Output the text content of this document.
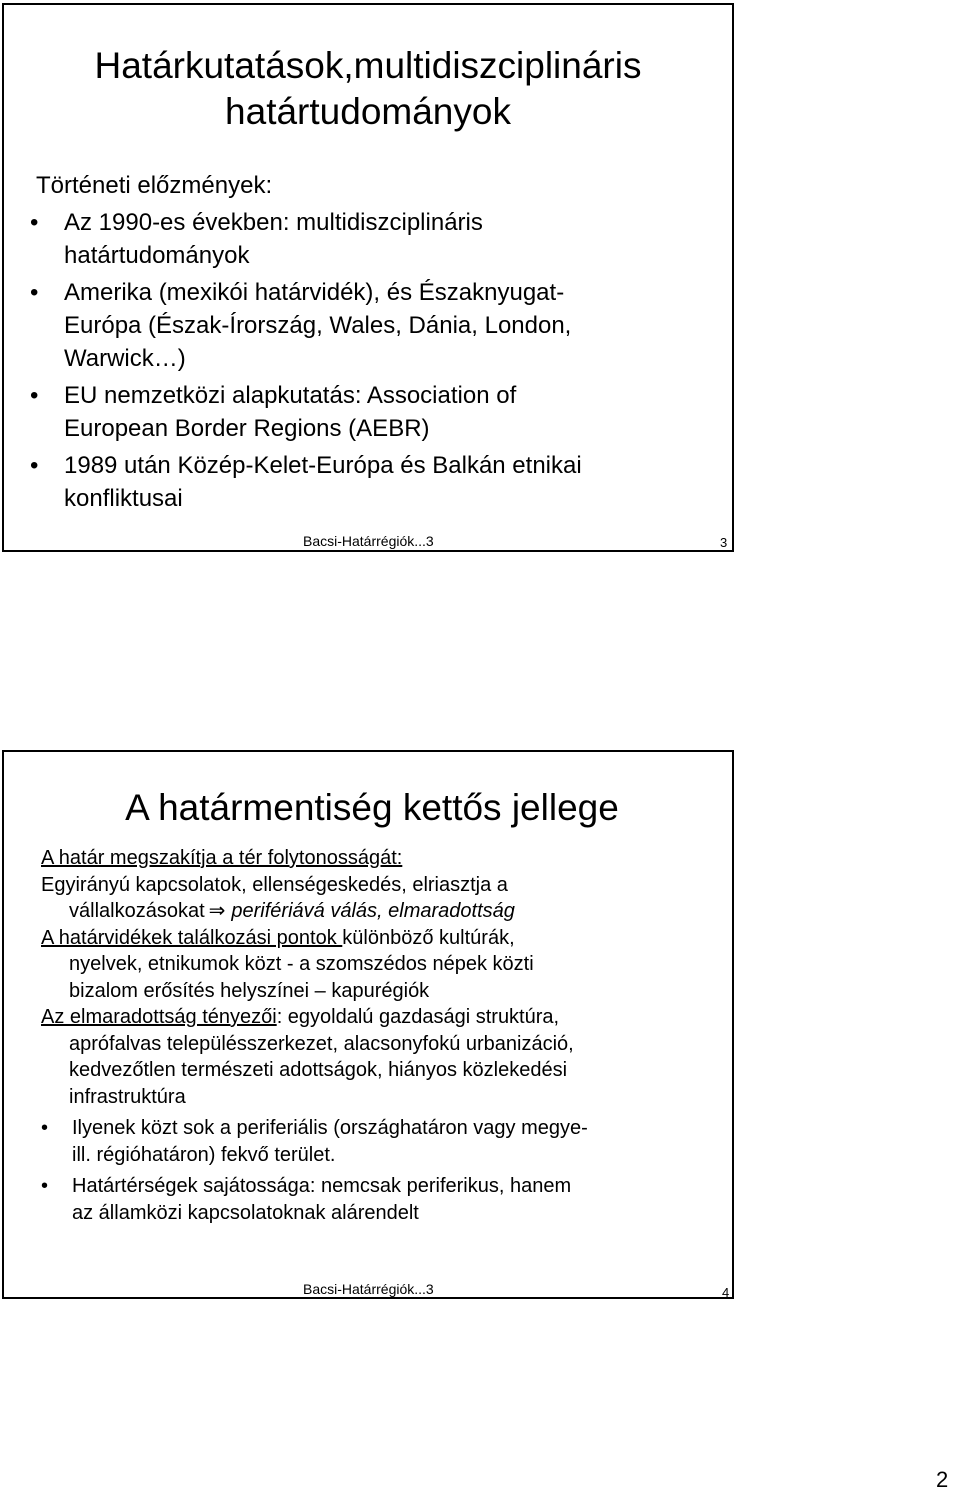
Határkutatások,multidiszciplináris
határtudományok
Történeti előzmények:
• Az 1990-es években: multidiszciplináris
határtudományok
• Amerika (mexikói határvidék), és Északnyugat-
Európa (Észak-Írország, Wales, Dánia, London,
Warwick…)
• EU nemzetközi alapkutatás: Association of
European Border Regions (AEBR)
• 1989 után Közép-Kelet-Európa és Balkán etnikai
konfliktusai
Bacsi-Határrégiók...3	3
A határmentiség kettős jellege
A határ megszakítja a tér folytonosságát:
Egyirányú kapcsolatok, ellenségeskedés, elriasztja a
vállalkozásokat ⇒ perifériává válás, elmaradottság
A határvidékek találkozási pontok különböző kultúrák,
nyelvek, etnikumok közt - a szomszédos népek közti
bizalom erősítés helyszínei – kapurégiók
Az elmaradottság tényezői: egyoldalú gazdasági struktúra,
aprófalvas településszerkezet, alacsonyfokú urbanizáció,
kedvezőtlen természeti adottságok, hiányos közlekedési
infrastruktúra
• Ilyenek közt sok a periferiális (országhatáron vagy megye-
ill. régióhatáron) fekvő terület.
• Határtérségek sajátossága: nemcsak periferikus, hanem
az államközi kapcsolatoknak alárendelt
Bacsi-Határrégiók...3	4
2
